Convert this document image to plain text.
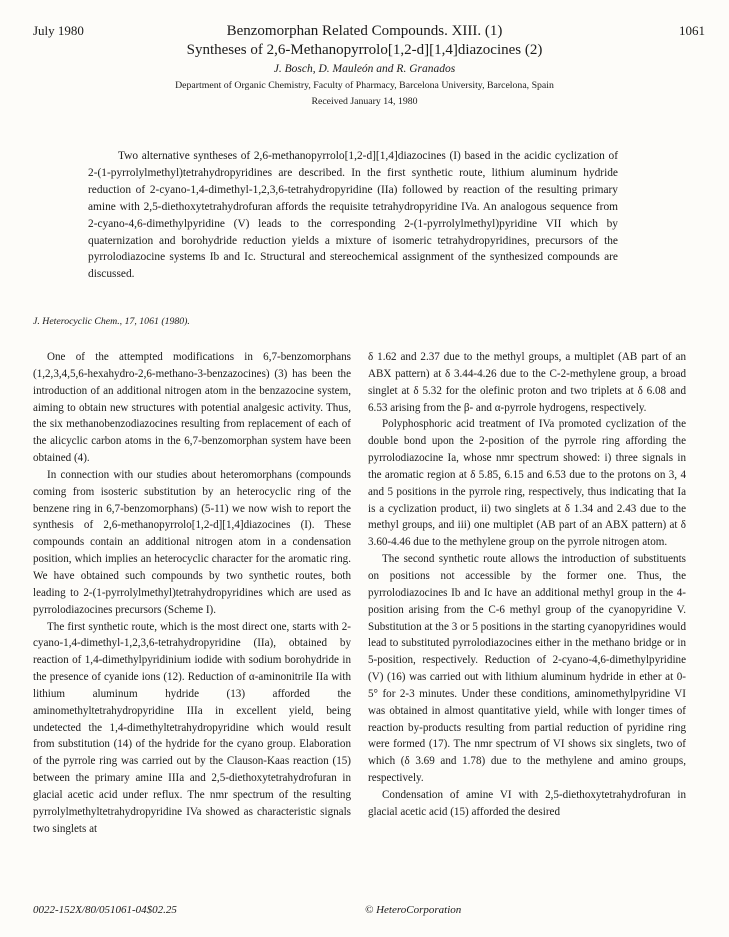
July 1980	1061
Benzomorphan Related Compounds. XIII. (1)
Syntheses of 2,6-Methanopyrrolo[1,2-d][1,4]diazocines (2)
J. Bosch, D. Mauleón and R. Granados
Department of Organic Chemistry, Faculty of Pharmacy, Barcelona University, Barcelona, Spain
Received January 14, 1980

Two alternative syntheses of 2,6-methanopyrrolo[1,2-d][1,4]diazocines (I) based in the acidic cyclization of 2-(1-pyrrolylmethyl)tetrahydropyridines are described. In the first synthetic route, lithium aluminum hydride reduction of 2-cyano-1,4-dimethyl-1,2,3,6-tetrahydropyridine (IIa) followed by reaction of the resulting primary amine with 2,5-diethoxytetrahydrofuran affords the requisite tetrahydropyridine IVa. An analogous sequence from 2-cyano-4,6-dimethylpyridine (V) leads to the corresponding 2-(1-pyrrolylmethyl)pyridine VII which by quaternization and borohydride reduction yields a mixture of isomeric tetrahydropyridines, precursors of the pyrrolodiazocine systems Ib and Ic. Structural and stereochemical assignment of the synthesized compounds are discussed.

J. Heterocyclic Chem., 17, 1061 (1980).

One of the attempted modifications in 6,7-benzomorphans (1,2,3,4,5,6-hexahydro-2,6-methano-3-benzazocines) (3) has been the introduction of an additional nitrogen atom in the benzazocine system, aiming to obtain new structures with potential analgesic activity. Thus, the six methanobenzodiazocines resulting from replacement of each of the alicyclic carbon atoms in the 6,7-benzomorphan system have been obtained (4).

In connection with our studies about heteromorphans (compounds coming from isosteric substitution by an heterocyclic ring of the benzene ring in 6,7-benzomorphans) (5-11) we now wish to report the synthesis of 2,6-methanopyrrolo[1,2-d][1,4]diazocines (I). These compounds contain an additional nitrogen atom in a condensation position, which implies an heterocyclic character for the aromatic ring. We have obtained such compounds by two synthetic routes, both leading to 2-(1-pyrrolylmethyl)tetrahydropyridines which are used as pyrrolodiazocines precursors (Scheme I).

The first synthetic route, which is the most direct one, starts with 2-cyano-1,4-dimethyl-1,2,3,6-tetrahydropyridine (IIa), obtained by reaction of 1,4-dimethylpyridinium iodide with sodium borohydride in the presence of cyanide ions (12). Reduction of α-aminonitrile IIa with lithium aluminum hydride (13) afforded the aminomethyltetrahydropyridine IIIa in excellent yield, being undetected the 1,4-dimethyltetrahydropyridine which would result from substitution (14) of the hydride for the cyano group. Elaboration of the pyrrole ring was carried out by the Clauson-Kaas reaction (15) between the primary amine IIIa and 2,5-diethoxytetrahydrofuran in glacial acetic acid under reflux. The nmr spectrum of the resulting pyrrolylmethyltetrahydropyridine IVa showed as characteristic signals two singlets at

δ 1.62 and 2.37 due to the methyl groups, a multiplet (AB part of an ABX pattern) at δ 3.44-4.26 due to the C-2-methylene group, a broad singlet at δ 5.32 for the olefinic proton and two triplets at δ 6.08 and 6.53 arising from the β- and α-pyrrole hydrogens, respectively.

Polyphosphoric acid treatment of IVa promoted cyclization of the double bond upon the 2-position of the pyrrole ring affording the pyrrolodiazocine Ia, whose nmr spectrum showed: i) three signals in the aromatic region at δ 5.85, 6.15 and 6.53 due to the protons on 3, 4 and 5 positions in the pyrrole ring, respectively, thus indicating that Ia is a cyclization product, ii) two singlets at δ 1.34 and 2.43 due to the methyl groups, and iii) one multiplet (AB part of an ABX pattern) at δ 3.60-4.46 due to the methylene group on the pyrrole nitrogen atom.

The second synthetic route allows the introduction of substituents on positions not accessible by the former one. Thus, the pyrrolodiazocines Ib and Ic have an additional methyl group in the 4-position arising from the C-6 methyl group of the cyanopyridine V. Substitution at the 3 or 5 positions in the starting cyanopyridines would lead to substituted pyrrolodiazocines either in the methano bridge or in 5-position, respectively. Reduction of 2-cyano-4,6-dimethylpyridine (V) (16) was carried out with lithium aluminum hydride in ether at 0-5° for 2-3 minutes. Under these conditions, aminomethylpyridine VI was obtained in almost quantitative yield, while with longer times of reaction by-products resulting from partial reduction of pyridine ring were formed (17). The nmr spectrum of VI shows six singlets, two of which (δ 3.69 and 1.78) due to the methylene and amino groups, respectively.

Condensation of amine VI with 2,5-diethoxytetrahydrofuran in glacial acetic acid (15) afforded the desired

0022-152X/80/051061-04$02.25	© HeteroCorporation
